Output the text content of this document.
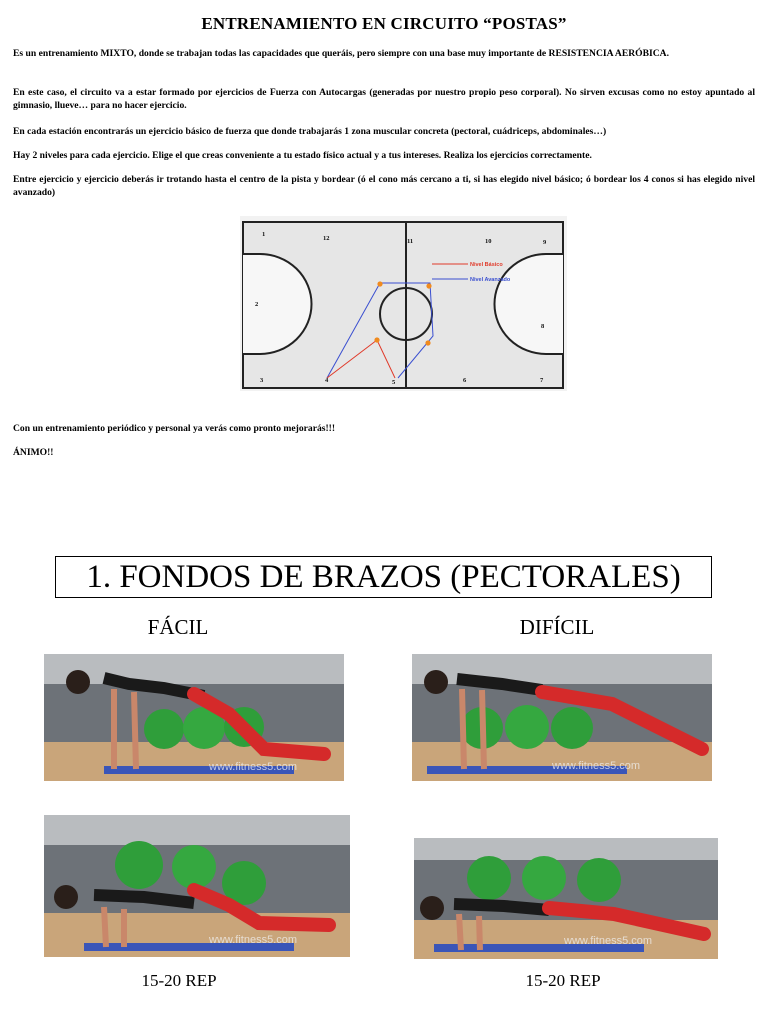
ENTRENAMIENTO EN CIRCUITO “POSTAS”
Es un entrenamiento MIXTO, donde se trabajan todas las capacidades que queráis, pero siempre con una base muy importante de RESISTENCIA AERÓBICA.
En este caso, el circuito va a estar formado por ejercicios de Fuerza con Autocargas (generadas por nuestro propio peso corporal). No sirven excusas como no estoy apuntado al gimnasio, llueve… para no hacer ejercicio.
En cada estación encontrarás un ejercicio básico de fuerza que donde trabajarás 1 zona muscular concreta (pectoral, cuádriceps, abdominales…)
Hay 2 niveles para cada ejercicio. Elige el que creas conveniente a tu estado físico actual y a tus intereses. Realiza los ejercicios correctamente.
Entre ejercicio y ejercicio deberás ir trotando hasta el centro de la pista y bordear (ó el cono más cercano a ti, si has elegido nivel básico; ó bordear los 4 conos si has elegido nivel avanzado)
Nivel Básico
Nivel Avanzado
1
12	11	10	9
2
8
3	4	5	6	7
Con un entrenamiento periódico y personal ya verás como pronto mejorarás!!!
ÁNIMO!!
1. FONDOS DE BRAZOS (PECTORALES)
FÁCIL	DIFÍCIL
www.fitness5.com	www.fitness5.com
www.fitness5.com	www.fitness5.com
15-20 REP	15-20 REP
